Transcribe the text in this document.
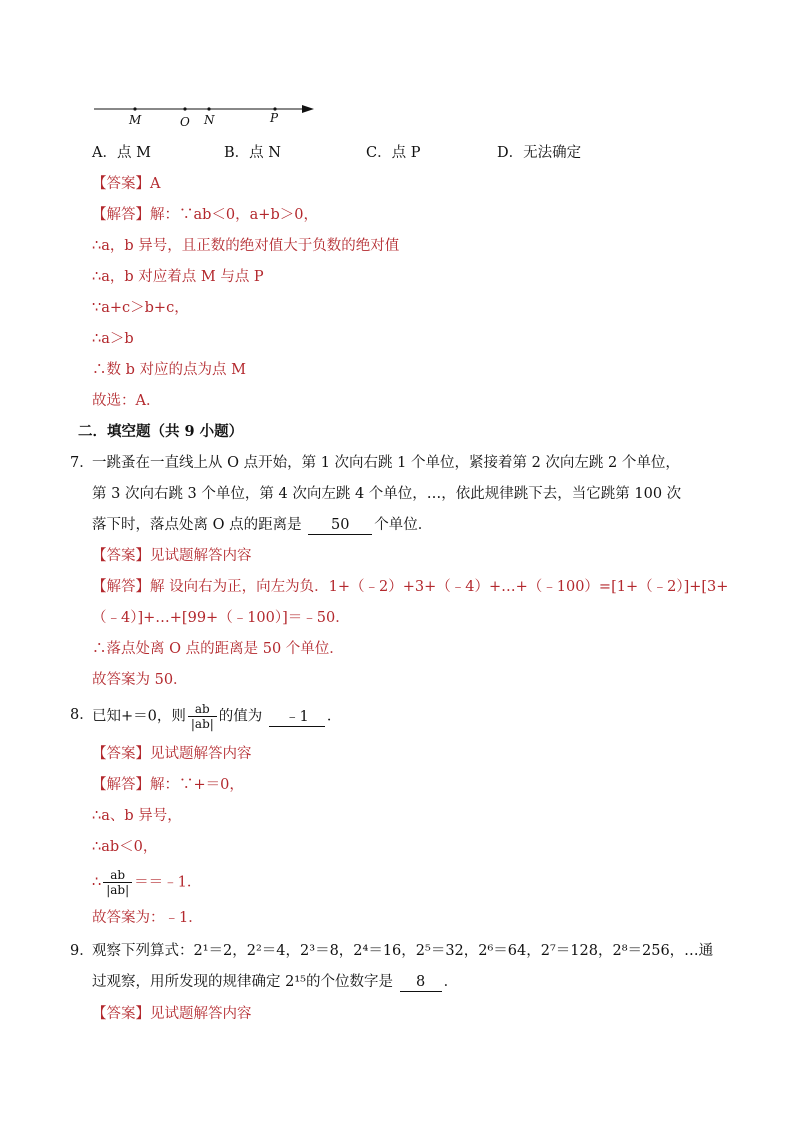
M	O N	P
A．点 M	B．点 N	C．点 P	D．无法确定
【答案】A
【解答】解：∵ab＜0，a+b＞0，
∴a，b 异号，且正数的绝对值大于负数的绝对值
∴a，b 对应着点 M 与点 P
∵a+c＞b+c，
∴a＞b
∴数 b 对应的点为点 M
故选：A．
二．填空题（共 9 小题）
7．
一跳蚤在一直线上从 O 点开始，第 1 次向右跳 1 个单位，紧接着第 2 次向左跳 2 个单位，
第 3 次向右跳 3 个单位，第 4 次向左跳 4 个单位，…，依此规律跳下去，当它跳第 100 次
落下时，落点处离 O 点的距离是 50 个单位．
【答案】见试题解答内容
【解答】解 设向右为正，向左为负．1+（﹣2）+3+（﹣4）+…+（﹣100）=[1+（﹣2）]+[3+
（﹣4）]+…+[99+（﹣100）]＝﹣50．
∴落点处离 O 点的距离是 50 个单位．
故答案为 50．
8．
已知+＝0，则 $\frac{ab}{|ab|}$ 的值为 ﹣1 ．
【答案】见试题解答内容
【解答】解：∵+＝0，
∴a、b 异号，
∴ab＜0，
∴ $\frac{ab}{|ab|}$ ＝＝﹣1．
故答案为：﹣1．
9．
观察下列算式：2¹＝2，2²＝4，2³＝8，2⁴＝16，2⁵＝32，2⁶＝64，2⁷＝128，2⁸＝256，…通
过观察，用所发现的规律确定 2¹⁵的个位数字是 8 ．
【答案】见试题解答内容
